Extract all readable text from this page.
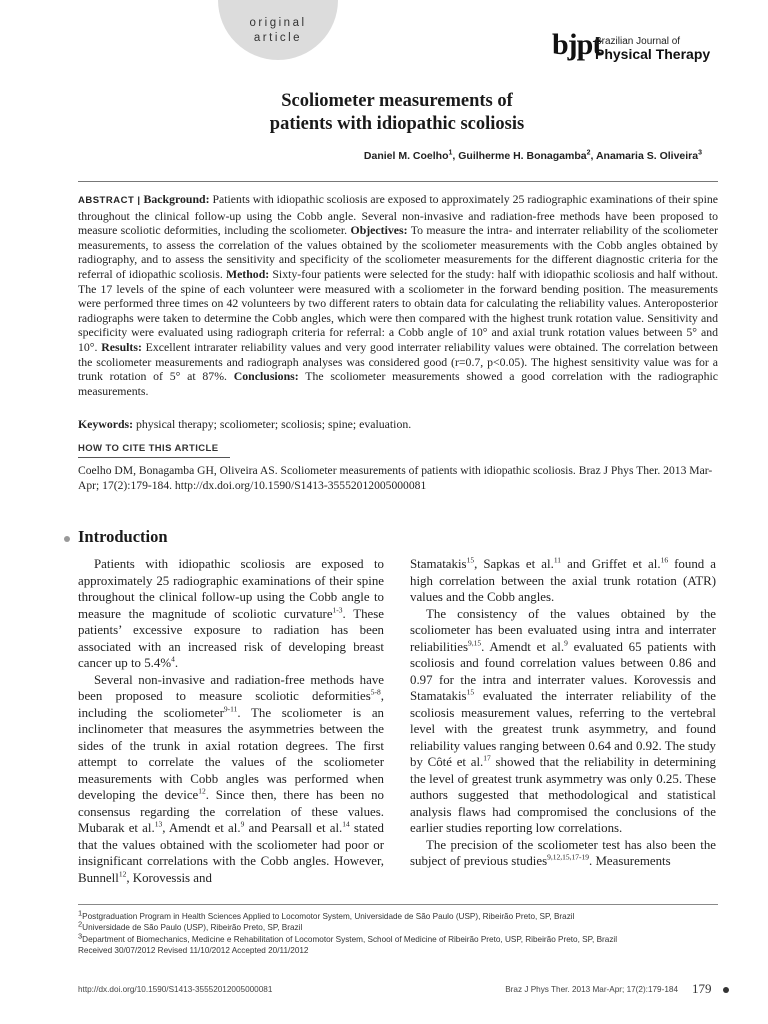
original
article	bjpt
Brazilian Journal of
Physical Therapy
Scoliometer measurements of
patients with idiopathic scoliosis
Daniel M. Coelho$^1$, Guilherme H. Bonagamba$^2$, Anamaria S. Oliveira$^3$
ABSTRACT | Background: Patients with idiopathic scoliosis are exposed to approximately 25 radiographic examinations of their spine throughout the clinical follow-up using the Cobb angle. Several non-invasive and radiation-free methods have been proposed to measure scoliotic deformities, including the scoliometer. Objectives: To measure the intra- and interrater reliability of the scoliometer measurements, to assess the correlation of the values obtained by the scoliometer measurements with the Cobb angles obtained by radiography, and to assess the sensitivity and specificity of the scoliometer measurements for the different diagnostic criteria for the referral of idiopathic scoliosis. Method: Sixty-four patients were selected for the study: half with idiopathic scoliosis and half without. The 17 levels of the spine of each volunteer were measured with a scoliometer in the forward bending position. The measurements were performed three times on 42 volunteers by two different raters to obtain data for calculating the reliability values. Anteroposterior radiographs were taken to determine the Cobb angles, which were then compared with the highest trunk rotation value. Sensitivity and specificity were evaluated using radiograph criteria for referral: a Cobb angle of 10° and axial trunk rotation values between 5° and 10°. Results: Excellent intrarater reliability values and very good interrater reliability values were obtained. The correlation between the scoliometer measurements and radiograph analyses was considered good (r=0.7, p<0.05). The highest sensitivity value was for a trunk rotation of 5° at 87%. Conclusions: The scoliometer measurements showed a good correlation with the radiographic measurements.
Keywords: physical therapy; scoliometer; scoliosis; spine; evaluation.
HOW TO CITE THIS ARTICLE
Coelho DM, Bonagamba GH, Oliveira AS. Scoliometer measurements of patients with idiopathic scoliosis. Braz J Phys Ther. 2013 Mar-Apr; 17(2):179-184. http://dx.doi.org/10.1590/S1413-35552012005000081
Introduction

Patients with idiopathic scoliosis are exposed to approximately 25 radiographic examinations of their spine throughout the clinical follow-up using the Cobb angle to measure the magnitude of scoliotic curvature$^{1-3}$. These patients’ excessive exposure to radiation has been associated with an increased risk of developing breast cancer up to 5.4%$^4$.

Several non-invasive and radiation-free methods have been proposed to measure scoliotic deformities$^{5-8}$, including the scoliometer$^{9-11}$. The scoliometer is an inclinometer that measures the asymmetries between the sides of the trunk in axial rotation degrees. The first attempt to correlate the values of the scoliometer measurements with Cobb angles was performed when developing the device$^{12}$. Since then, there has been no consensus regarding the correlation of these values. Mubarak et al.$^{13}$, Amendt et al.$^9$ and Pearsall et al.$^{14}$ stated that the values obtained with the scoliometer had poor or insignificant correlations with the Cobb angles. However, Bunnell$^{12}$, Korovessis and

Stamatakis$^{15}$, Sapkas et al.$^{11}$ and Griffet et al.$^{16}$ found a high correlation between the axial trunk rotation (ATR) values and the Cobb angles.

The consistency of the values obtained by the scoliometer has been evaluated using intra and interrater reliabilities$^{9,15}$. Amendt et al.$^9$ evaluated 65 patients with scoliosis and found correlation values between 0.86 and 0.97 for the intra and interrater values. Korovessis and Stamatakis$^{15}$ evaluated the interrater reliability of the scoliosis measurement values, referring to the vertebral level with the greatest trunk asymmetry, and found reliability values ranging between 0.64 and 0.92. The study by Côté et al.$^{17}$ showed that the reliability in determining the level of greatest trunk asymmetry was only 0.25. These authors suggested that methodological and statistical analysis flaws had compromised the conclusions of the earlier studies reporting low correlations.

The precision of the scoliometer test has also been the subject of previous studies$^{9,12,15,17-19}$. Measurements

$^1$Postgraduation Program in Health Sciences Applied to Locomotor System, Universidade de São Paulo (USP), Ribeirão Preto, SP, Brazil
$^2$Universidade de São Paulo (USP), Ribeirão Preto, SP, Brazil
$^3$Department of Biomechanics, Medicine e Rehabilitation of Locomotor System, School of Medicine of Ribeirão Preto, USP, Ribeirão Preto, SP, Brazil
Received 30/07/2012 Revised 11/10/2012 Accepted 20/11/2012
http://dx.doi.org/10.1590/S1413-35552012005000081	Braz J Phys Ther. 2013 Mar-Apr; 17(2):179-184 179
